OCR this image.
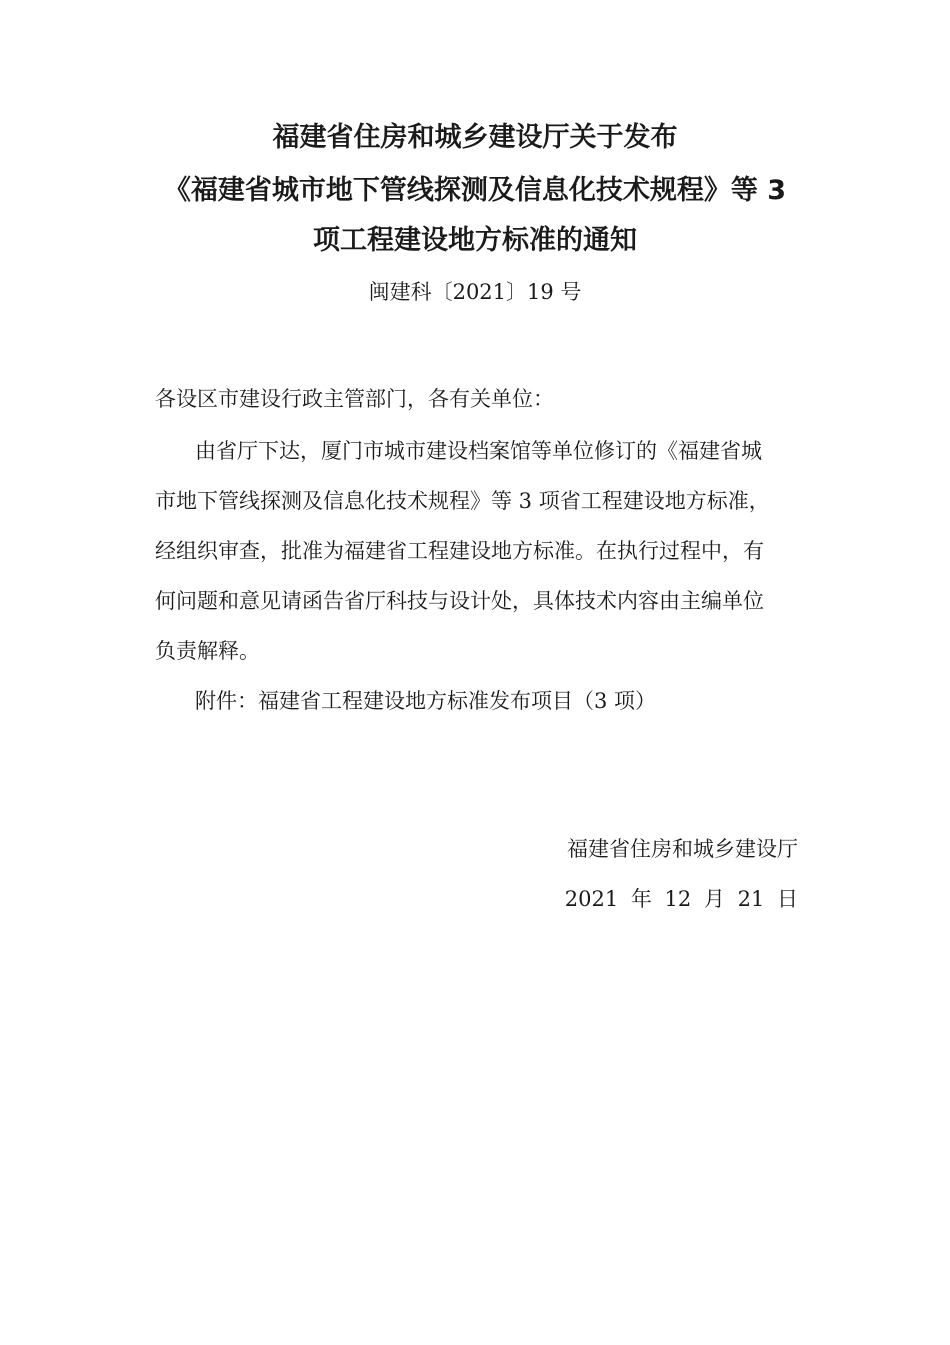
福建省住房和城乡建设厅关于发布
《福建省城市地下管线探测及信息化技术规程》等 3
项工程建设地方标准的通知
闽建科〔2021〕19 号
各设区市建设行政主管部门，各有关单位：
由省厅下达，厦门市城市建设档案馆等单位修订的《福建省城
市地下管线探测及信息化技术规程》等 3 项省工程建设地方标准，
经组织审查，批准为福建省工程建设地方标准。在执行过程中，有
何问题和意见请函告省厅科技与设计处，具体技术内容由主编单位
负责解释。
附件：福建省工程建设地方标准发布项目（3 项）
福建省住房和城乡建设厅
2021 年 12 月 21 日
